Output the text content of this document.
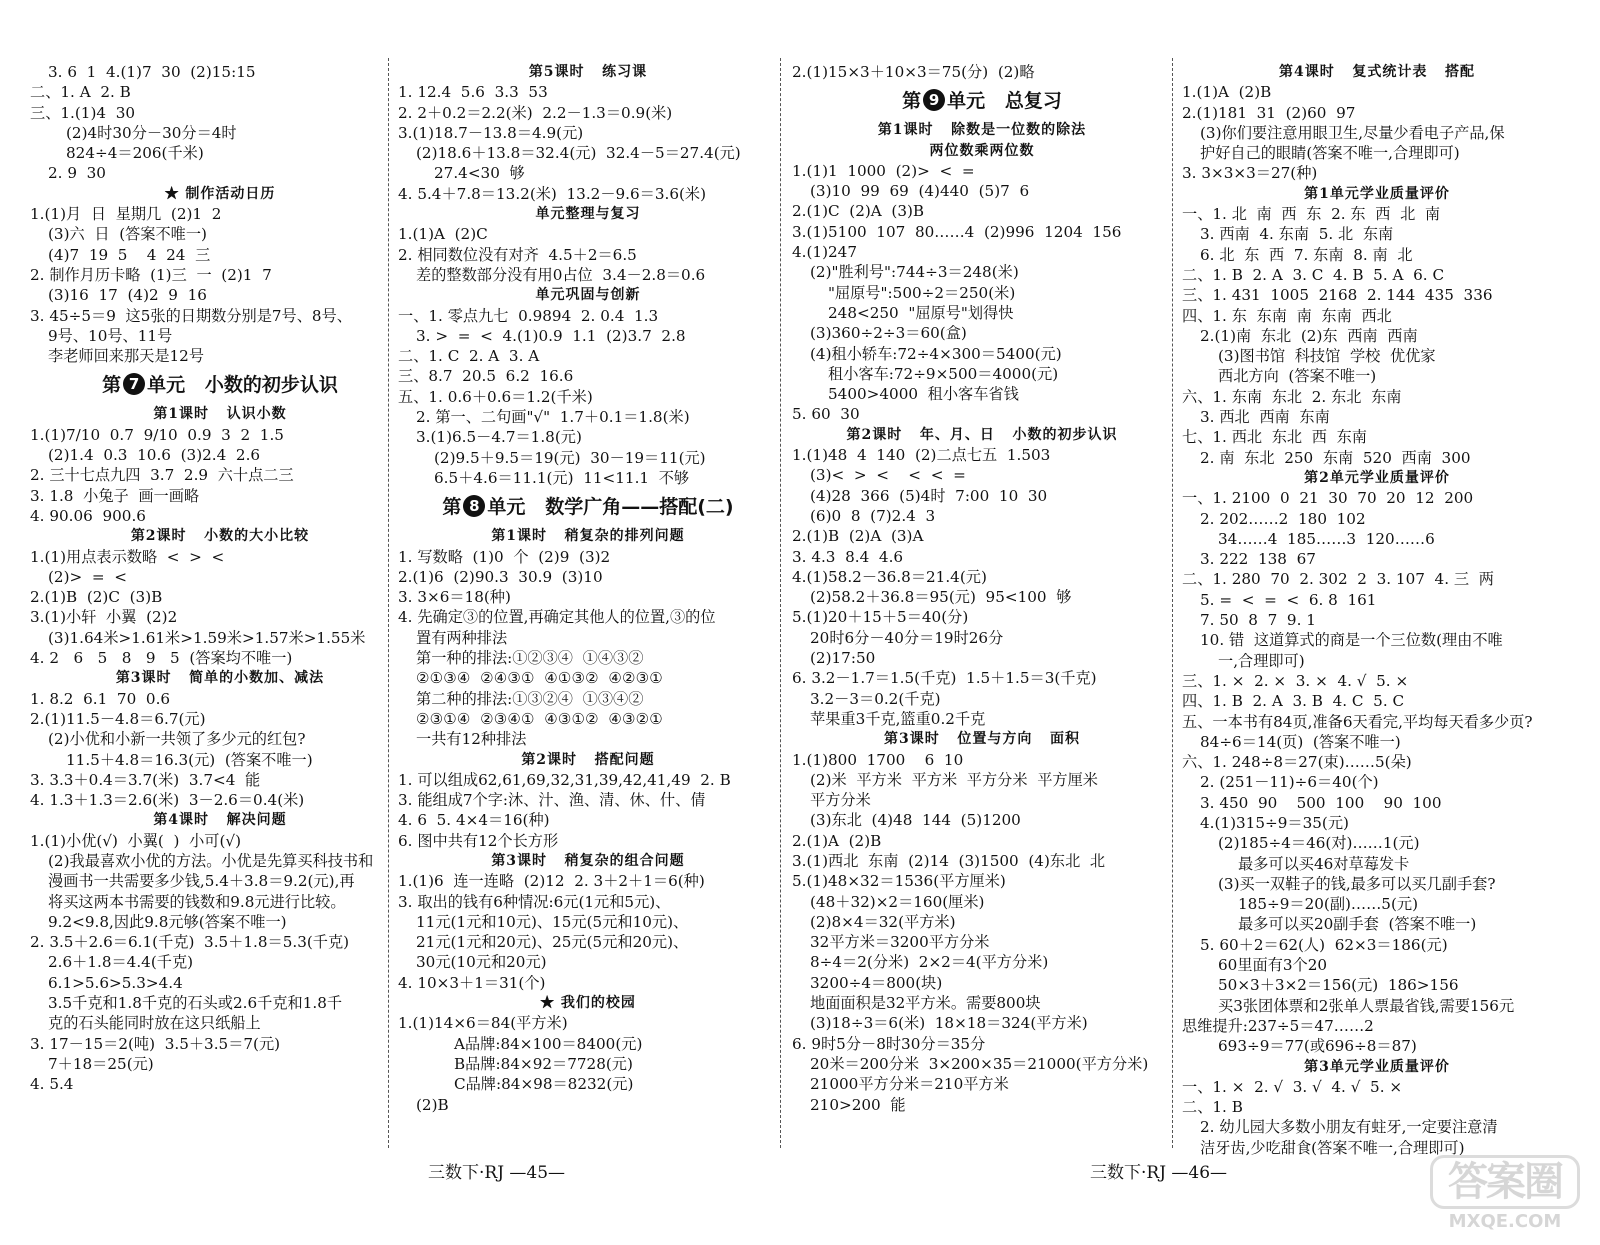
3. 6  1  4.(1)7  30  (2)15:15
二、1. A  2. B
三、1.(1)4  30
(2)4时30分－30分＝4时
824÷4＝206(千米)
2. 9  30
★ 制作活动日历
1.(1)月  日  星期几  (2)1  2
(3)六  日  (答案不唯一)
(4)7  19  5    4  24  三
2. 制作月历卡略  (1)三  一  (2)1  7
(3)16  17  (4)2  9  16
3. 45÷5＝9  这5张的日期数分别是7号、8号、
9号、10号、11号
李老师回来那天是12号
第 7 单元   小数的初步认识
第1课时   认识小数
1.(1)7/10  0.7  9/10  0.9  3  2  1.5
(2)1.4  0.3  10.6  (3)2.4  2.6
2. 三十七点九四  3.7  2.9  六十点二三
3. 1.8  小兔子  画一画略
4. 90.06  900.6
第2课时   小数的大小比较
1.(1)用点表示数略  <  >  <
(2)>  =  <
2.(1)B  (2)C  (3)B
3.(1)小轩  小翼  (2)2
(3)1.64米>1.61米>1.59米>1.57米>1.55米
4. 2   6   5   8   9   5  (答案均不唯一)
第3课时   简单的小数加、减法
1. 8.2  6.1  70  0.6
2.(1)11.5－4.8＝6.7(元)
(2)小优和小新一共领了多少元的红包?
11.5＋4.8＝16.3(元)  (答案不唯一)
3. 3.3＋0.4＝3.7(米)  3.7<4  能
4. 1.3＋1.3＝2.6(米)  3－2.6＝0.4(米)
第4课时   解决问题
1.(1)小优(√)  小翼(  )  小可(√)
(2)我最喜欢小优的方法。小优是先算买科技书和
漫画书一共需要多少钱,5.4＋3.8＝9.2(元),再
将买这两本书需要的钱数和9.8元进行比较。
9.2<9.8,因此9.8元够(答案不唯一)
2. 3.5＋2.6＝6.1(千克)  3.5＋1.8＝5.3(千克)
2.6＋1.8＝4.4(千克)
6.1>5.6>5.3>4.4
3.5千克和1.8千克的石头或2.6千克和1.8千
克的石头能同时放在这只纸船上
3. 17－15＝2(吨)  3.5＋3.5＝7(元)
7＋18＝25(元)
4. 5.4
第5课时   练习课
1. 12.4  5.6  3.3  53
2. 2＋0.2＝2.2(米)  2.2－1.3＝0.9(米)
3.(1)18.7－13.8＝4.9(元)
(2)18.6＋13.8＝32.4(元)  32.4－5＝27.4(元)
27.4<30  够
4. 5.4＋7.8＝13.2(米)  13.2－9.6＝3.6(米)
单元整理与复习
1.(1)A  (2)C
2. 相同数位没有对齐  4.5＋2＝6.5
差的整数部分没有用0占位  3.4－2.8＝0.6
单元巩固与创新
一、1. 零点九七  0.9894  2. 0.4  1.3
3. >  =  <  4.(1)0.9  1.1  (2)3.7  2.8
二、1. C  2. A  3. A
三、8.7  20.5  6.2  16.6
五、1. 0.6＋0.6＝1.2(千米)
2. 第一、二句画"√"  1.7＋0.1＝1.8(米)
3.(1)6.5－4.7＝1.8(元)
(2)9.5＋9.5＝19(元)  30－19＝11(元)
6.5＋4.6＝11.1(元)  11<11.1  不够
第 8 单元   数学广角——搭配(二)
第1课时   稍复杂的排列问题
1. 写数略  (1)0  个  (2)9  (3)2
2.(1)6  (2)90.3  30.9  (3)10
3. 3×6＝18(种)
4. 先确定③的位置,再确定其他人的位置,③的位
置有两种排法
第一种的排法:①②③④  ①④③②
②①③④  ②④③①  ④①③②  ④②③①
第二种的排法:①③②④  ①③④②
②③①④  ②③④①  ④③①②  ④③②①
一共有12种排法
第2课时   搭配问题
1. 可以组成62,61,69,32,31,39,42,41,49  2. B
3. 能组成7个字:沐、汁、渔、清、休、什、倩
4. 6  5. 4×4＝16(种)
6. 图中共有12个长方形
第3课时   稍复杂的组合问题
1.(1)6  连一连略  (2)12  2. 3＋2＋1＝6(种)
3. 取出的钱有6种情况:6元(1元和5元)、
11元(1元和10元)、15元(5元和10元)、
21元(1元和20元)、25元(5元和20元)、
30元(10元和20元)
4. 10×3＋1＝31(个)
★ 我们的校园
1.(1)14×6＝84(平方米)
A品牌:84×100＝8400(元)
B品牌:84×92＝7728(元)
C品牌:84×98＝8232(元)
(2)B
2.(1)15×3＋10×3＝75(分)  (2)略
第 9 单元   总复习
第1课时   除数是一位数的除法
两位数乘两位数
1.(1)1  1000  (2)>  <  =
(3)10  99  69  (4)440  (5)7  6
2.(1)C  (2)A  (3)B
3.(1)5100  107  80……4  (2)996  1204  156
4.(1)247
(2)"胜利号":744÷3＝248(米)
"屈原号":500÷2＝250(米)
248<250  "屈原号"划得快
(3)360÷2÷3＝60(盒)
(4)租小轿车:72÷4×300＝5400(元)
租小客车:72÷9×500＝4000(元)
5400>4000  租小客车省钱
5. 60  30
第2课时   年、月、日   小数的初步认识
1.(1)48  4  140  (2)二点七五  1.503
(3)<  >  <    <  <  =
(4)28  366  (5)4时  7:00  10  30
(6)0  8  (7)2.4  3
2.(1)B  (2)A  (3)A
3. 4.3  8.4  4.6
4.(1)58.2－36.8＝21.4(元)
(2)58.2＋36.8＝95(元)  95<100  够
5.(1)20＋15＋5＝40(分)
20时6分－40分＝19时26分
(2)17:50
6. 3.2－1.7＝1.5(千克)  1.5＋1.5＝3(千克)
3.2－3＝0.2(千克)
苹果重3千克,篮重0.2千克
第3课时   位置与方向   面积
1.(1)800  1700    6  10
(2)米  平方米  平方米  平方分米  平方厘米
平方分米
(3)东北  (4)48  144  (5)1200
2.(1)A  (2)B
3.(1)西北  东南  (2)14  (3)1500  (4)东北  北
5.(1)48×32＝1536(平方厘米)
(48＋32)×2＝160(厘米)
(2)8×4＝32(平方米)
32平方米＝3200平方分米
8÷4＝2(分米)  2×2＝4(平方分米)
3200÷4＝800(块)
地面面积是32平方米。需要800块
(3)18÷3＝6(米)  18×18＝324(平方米)
6. 9时5分－8时30分＝35分
20米＝200分米  3×200×35＝21000(平方分米)
21000平方分米＝210平方米
210>200  能
第4课时   复式统计表   搭配
1.(1)A  (2)B
2.(1)181  31  (2)60  97
(3)你们要注意用眼卫生,尽量少看电子产品,保
护好自己的眼睛(答案不唯一,合理即可)
3. 3×3×3＝27(种)
第1单元学业质量评价
一、1. 北  南  西  东  2. 东  西  北  南
3. 西南  4. 东南  5. 北  东南
6. 北  东  西  7. 东南  8. 南  北
二、1. B  2. A  3. C  4. B  5. A  6. C
三、1. 431  1005  2168  2. 144  435  336
四、1. 东  东南  南  东南  西北
2.(1)南  东北  (2)东  西南  西南
(3)图书馆  科技馆  学校  优优家
西北方向  (答案不唯一)
六、1. 东南  东北  2. 东北  东南
3. 西北  西南  东南
七、1. 西北  东北  西  东南
2. 南  东北  250  东南  520  西南  300
第2单元学业质量评价
一、1. 2100  0  21  30  70  20  12  200
2. 202……2  180  102
34……4  185……3  120……6
3. 222  138  67
二、1. 280  70  2. 302  2  3. 107  4. 三  两
5. =  <  =  <  6. 8  161
7. 50  8  7  9. 1
10. 错  这道算式的商是一个三位数(理由不唯
一,合理即可)
三、1. ×  2. ×  3. ×  4. √  5. ×
四、1. B  2. A  3. B  4. C  5. C
五、一本书有84页,准备6天看完,平均每天看多少页?
84÷6＝14(页)  (答案不唯一)
六、1. 248÷8＝27(束)……5(朵)
2. (251－11)÷6＝40(个)
3. 450  90    500  100    90  100
4.(1)315÷9＝35(元)
(2)185÷4＝46(对)……1(元)
最多可以买46对草莓发卡
(3)买一双鞋子的钱,最多可以买几副手套?
185÷9＝20(副)……5(元)
最多可以买20副手套  (答案不唯一)
5. 60＋2＝62(人)  62×3＝186(元)
60里面有3个20
50×3＋3×2＝156(元)  186>156
买3张团体票和2张单人票最省钱,需要156元
思维提升:237÷5＝47……2
693÷9＝77(或696÷8＝87)
第3单元学业质量评价
一、1. ×  2. √  3. √  4. √  5. ×
二、1. B
2. 幼儿园大多数小朋友有蛀牙,一定要注意清
洁牙齿,少吃甜食(答案不唯一,合理即可)
三数下·RJ —45—	三数下·RJ —46—	答案圈
MXQE.COM
